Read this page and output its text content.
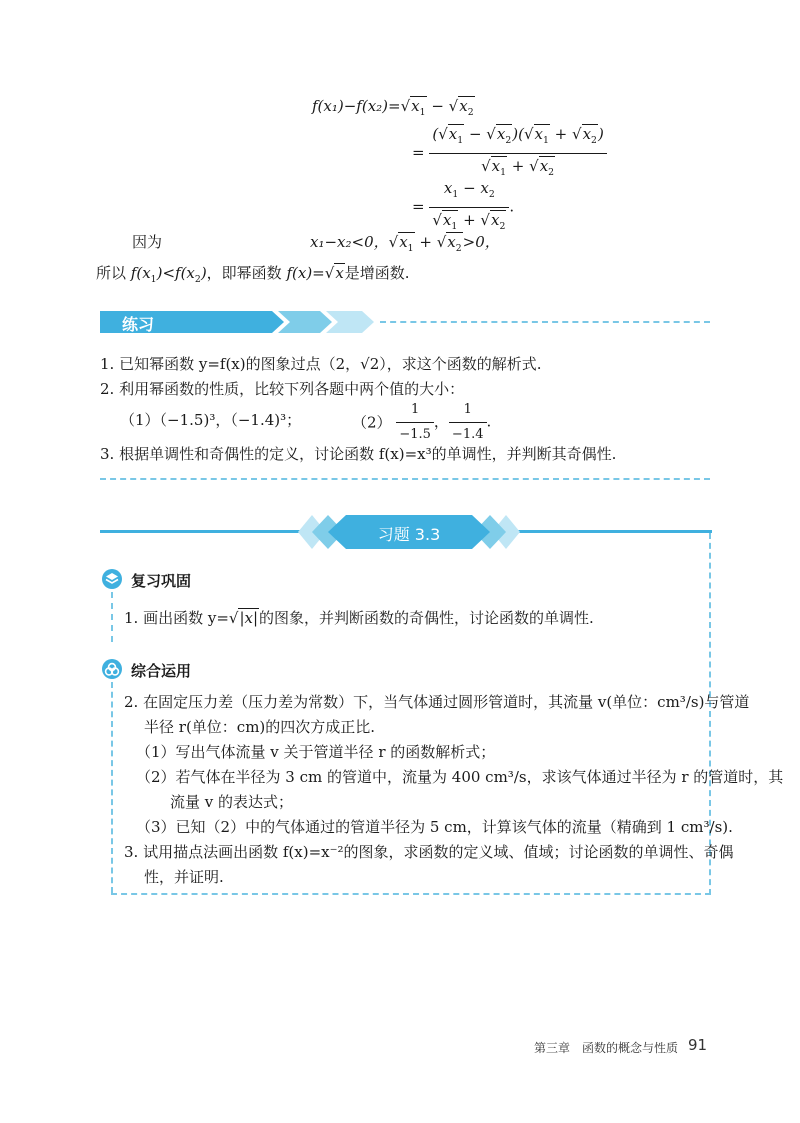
$f(x_1)-f(x_2)=√x_1 - √x_2$
= $\frac{(√x_1 - √x_2)(√x_1 + √x_2)}{√x_1 + √x_2}$
= $\frac{x_1 - x_2}{√x_1 + √x_2}$ .
因为	x₁−x₂<0，$√x_1 + √x_2>0$，
所以 $f(x_1)<f(x_2)$，即幂函数 f(x)=√x是增函数.
练习
1. 已知幂函数 y=f(x)的图象过点（2，√2），求这个函数的解析式.
2. 利用幂函数的性质，比较下列各题中两个值的大小：
（1）（−1.5)³，（−1.4)³；	$(2) \frac{1}{-1.5}$ ， $\frac{1}{-1.4}$ .
3. 根据单调性和奇偶性的定义，讨论函数 f(x)=x³的单调性，并判断其奇偶性.
习题 3.3
复习巩固
1. 画出函数 y=√|x|的图象，并判断函数的奇偶性，讨论函数的单调性.
综合运用
2. 在固定压力差（压力差为常数）下，当气体通过圆形管道时，其流量 v(单位：cm³/s)与管道
半径 r(单位：cm)的四次方成正比.
（1）写出气体流量 v 关于管道半径 r 的函数解析式；
（2）若气体在半径为 3 cm 的管道中，流量为 400 cm³/s，求该气体通过半径为 r 的管道时，其
流量 v 的表达式；
（3）已知（2）中的气体通过的管道半径为 5 cm，计算该气体的流量（精确到 1 cm³/s).
3. 试用描点法画出函数 f(x)=x⁻²的图象，求函数的定义域、值域；讨论函数的单调性、奇偶
性，并证明.
第三章　函数的概念与性质 91
